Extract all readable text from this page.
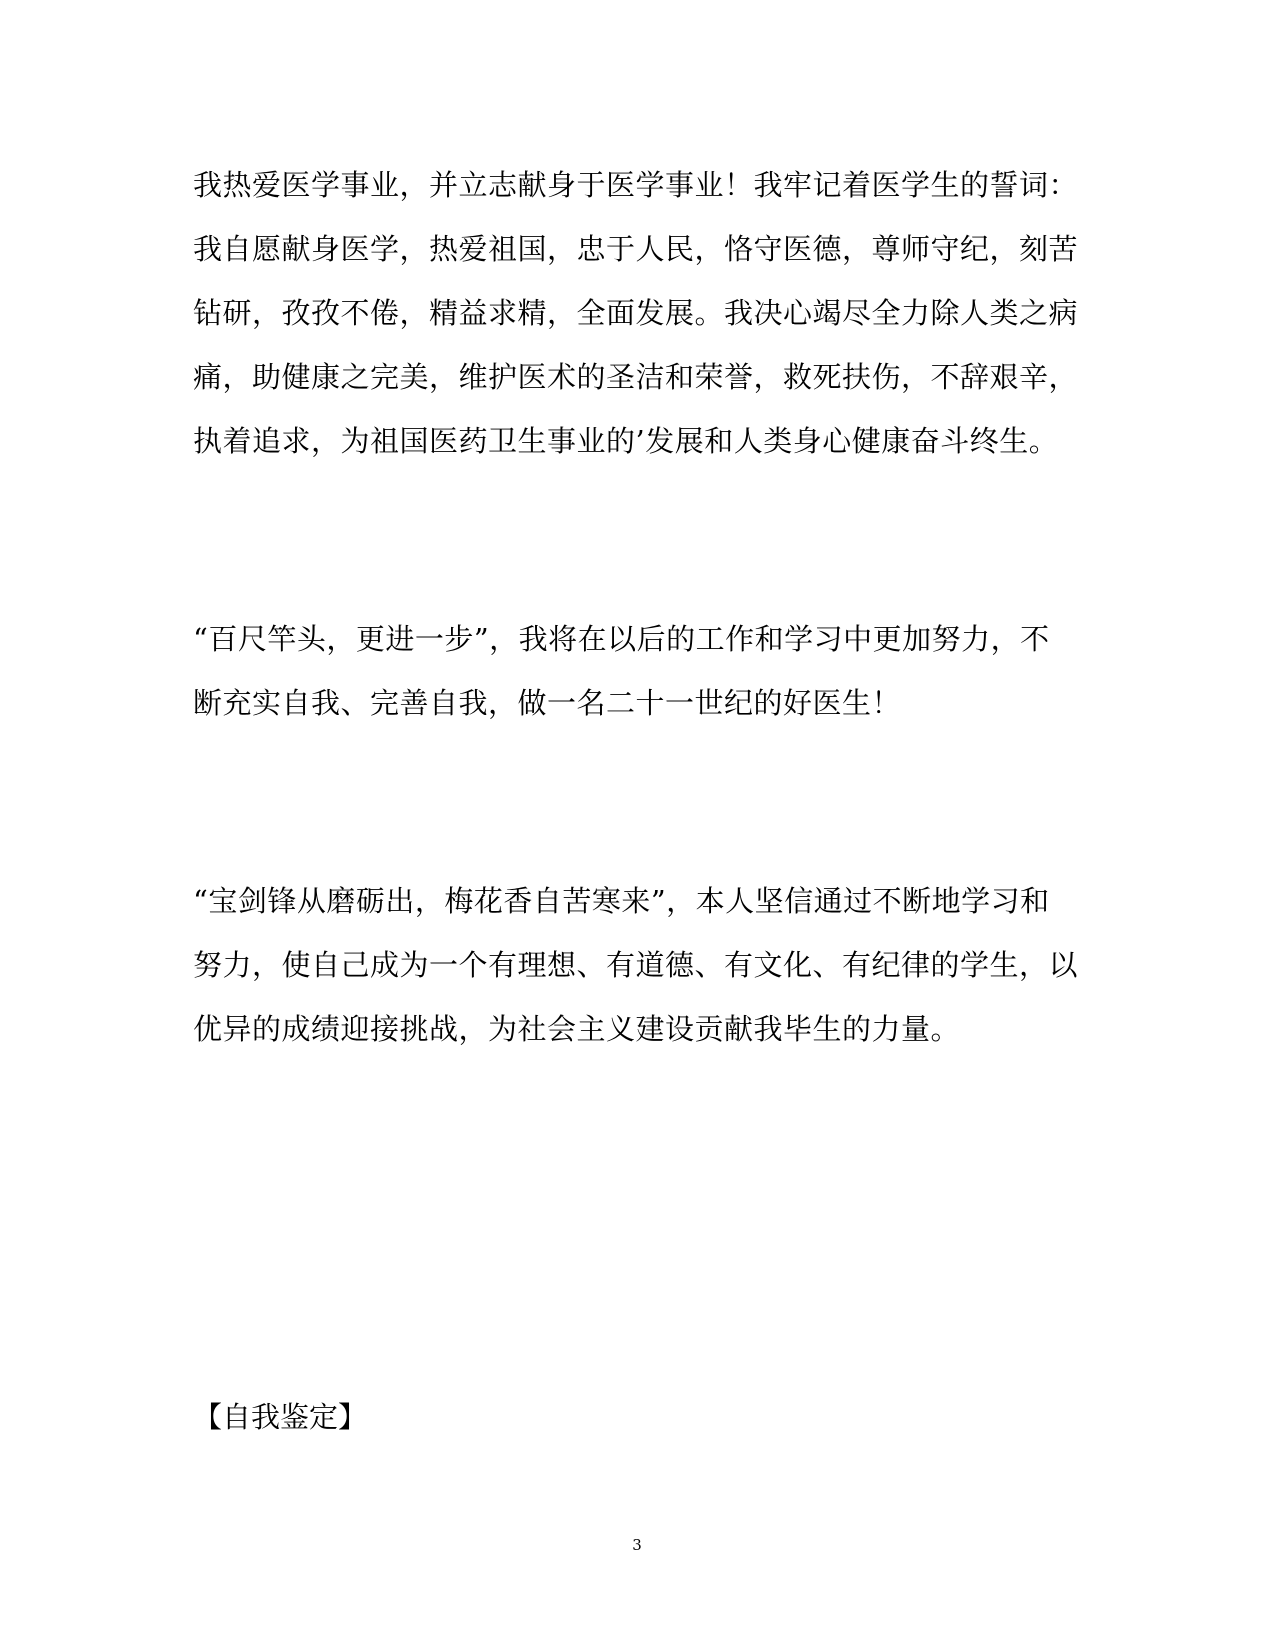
我热爱医学事业，并立志献身于医学事业！我牢记着医学生的誓词：
我自愿献身医学，热爱祖国，忠于人民，恪守医德，尊师守纪，刻苦
钻研，孜孜不倦，精益求精，全面发展。我决心竭尽全力除人类之病
痛，助健康之完美，维护医术的圣洁和荣誉，救死扶伤，不辞艰辛，
执着追求，为祖国医药卫生事业的’发展和人类身心健康奋斗终生。
“百尺竿头，更进一步”，我将在以后的工作和学习中更加努力，不
断充实自我、完善自我，做一名二十一世纪的好医生！
“宝剑锋从磨砺出，梅花香自苦寒来”，本人坚信通过不断地学习和
努力，使自己成为一个有理想、有道德、有文化、有纪律的学生，以
优异的成绩迎接挑战，为社会主义建设贡献我毕生的力量。
【自我鉴定】
3
